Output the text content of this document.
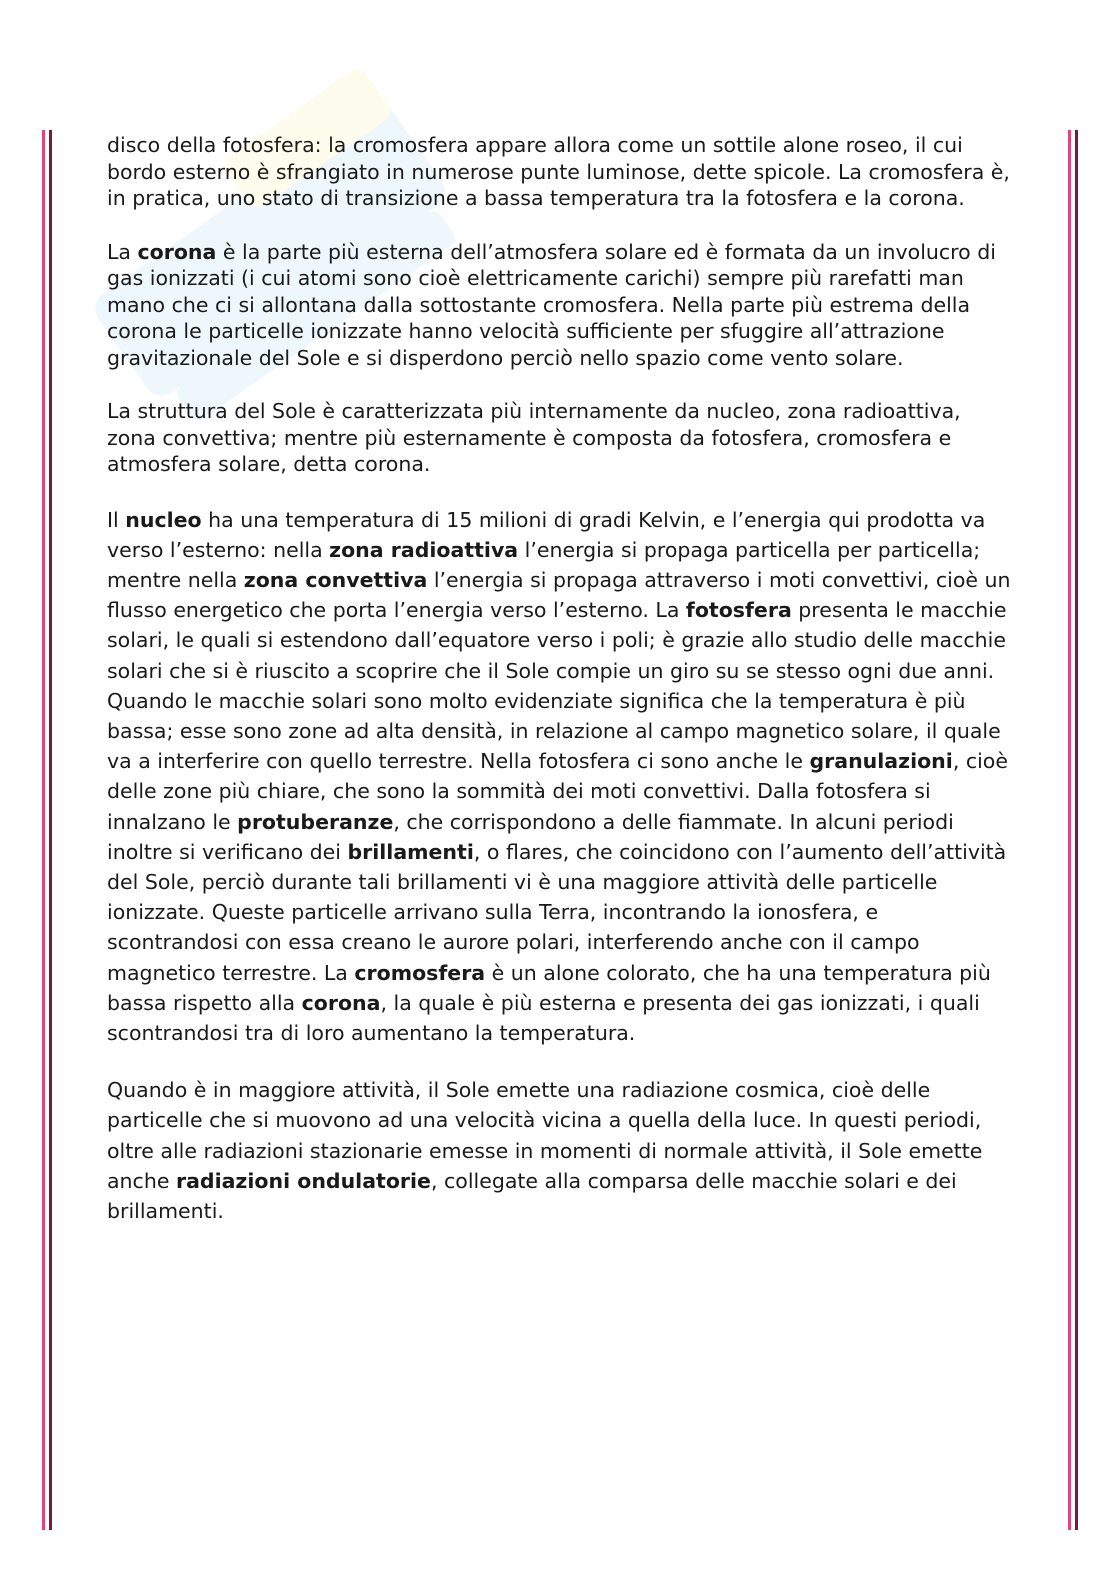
disco della fotosfera: la cromosfera appare allora come un sottile alone roseo, il cui bordo esterno è sfrangiato in numerose punte luminose, dette spicole. La cromosfera è, in pratica, uno stato di transizione a bassa temperatura tra la fotosfera e la corona.

La corona è la parte più esterna dell’atmosfera solare ed è formata da un involucro di gas ionizzati (i cui atomi sono cioè elettricamente carichi) sempre più rarefatti man mano che ci si allontana dalla sottostante cromosfera. Nella parte più estrema della corona le particelle ionizzate hanno velocità sufficiente per sfuggire all’attrazione gravitazionale del Sole e si disperdono perciò nello spazio come vento solare.

La struttura del Sole è caratterizzata più internamente da nucleo, zona radioattiva, zona convettiva; mentre più esternamente è composta da fotosfera, cromosfera e atmosfera solare, detta corona.

Il nucleo ha una temperatura di 15 milioni di gradi Kelvin, e l’energia qui prodotta va verso l’esterno: nella zona radioattiva l’energia si propaga particella per particella; mentre nella zona convettiva l’energia si propaga attraverso i moti convettivi, cioè un flusso energetico che porta l’energia verso l’esterno. La fotosfera presenta le macchie solari, le quali si estendono dall’equatore verso i poli; è grazie allo studio delle macchie solari che si è riuscito a scoprire che il Sole compie un giro su se stesso ogni due anni. Quando le macchie solari sono molto evidenziate significa che la temperatura è più bassa; esse sono zone ad alta densità, in relazione al campo magnetico solare, il quale va a interferire con quello terrestre. Nella fotosfera ci sono anche le granulazioni, cioè delle zone più chiare, che sono la sommità dei moti convettivi. Dalla fotosfera si innalzano le protuberanze, che corrispondono a delle fiammate. In alcuni periodi inoltre si verificano dei brillamenti, o flares, che coincidono con l’aumento dell’attività del Sole, perciò durante tali brillamenti vi è una maggiore attività delle particelle ionizzate. Queste particelle arrivano sulla Terra, incontrando la ionosfera, e scontrandosi con essa creano le aurore polari, interferendo anche con il campo magnetico terrestre. La cromosfera è un alone colorato, che ha una temperatura più bassa rispetto alla corona, la quale è più esterna e presenta dei gas ionizzati, i quali scontrandosi tra di loro aumentano la temperatura.

Quando è in maggiore attività, il Sole emette una radiazione cosmica, cioè delle particelle che si muovono ad una velocità vicina a quella della luce. In questi periodi, oltre alle radiazioni stazionarie emesse in momenti di normale attività, il Sole emette anche radiazioni ondulatorie, collegate alla comparsa delle macchie solari e dei brillamenti.
